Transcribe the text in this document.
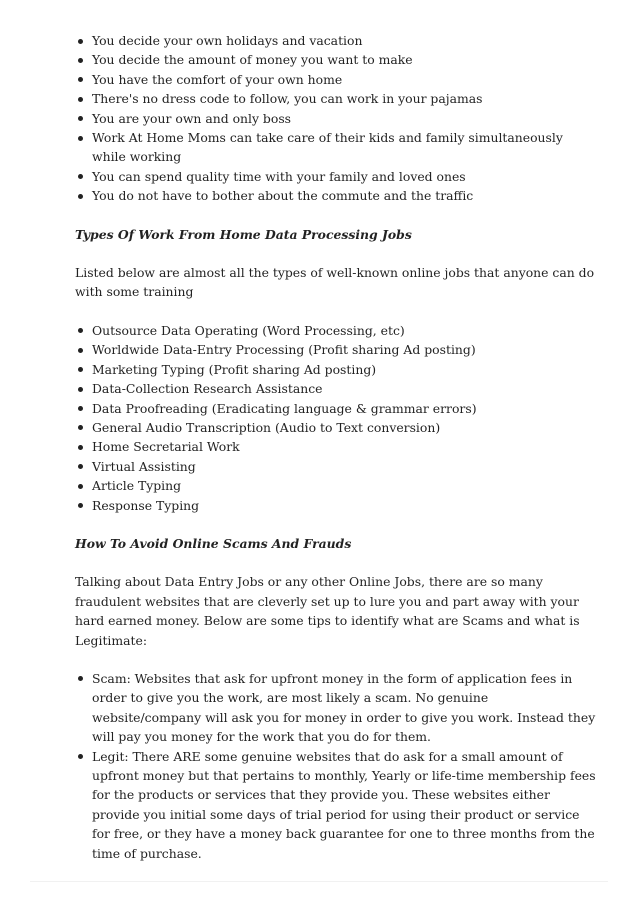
You decide your own holidays and vacation
You decide the amount of money you want to make
You have the comfort of your own home
There's no dress code to follow, you can work in your pajamas
You are your own and only boss
Work At Home Moms can take care of their kids and family simultaneously while working
You can spend quality time with your family and loved ones
You do not have to bother about the commute and the traffic
Types Of Work From Home Data Processing Jobs

Listed below are almost all the types of well-known online jobs that anyone can do with some training

Outsource Data Operating (Word Processing, etc)
Worldwide Data-Entry Processing (Profit sharing Ad posting)
Marketing Typing (Profit sharing Ad posting)
Data-Collection Research Assistance
Data Proofreading (Eradicating language & grammar errors)
General Audio Transcription (Audio to Text conversion)
Home Secretarial Work
Virtual Assisting
Article Typing
Response Typing
How To Avoid Online Scams And Frauds

Talking about Data Entry Jobs or any other Online Jobs, there are so many fraudulent websites that are cleverly set up to lure you and part away with your hard earned money. Below are some tips to identify what are Scams and what is Legitimate:

Scam: Websites that ask for upfront money in the form of application fees in order to give you the work, are most likely a scam. No genuine website/company will ask you for money in order to give you work. Instead they will pay you money for the work that you do for them.
Legit: There ARE some genuine websites that do ask for a small amount of upfront money but that pertains to monthly, Yearly or life-time membership fees for the products or services that they provide you. These websites either provide you initial some days of trial period for using their product or service for free, or they have a money back guarantee for one to three months from the time of purchase.
